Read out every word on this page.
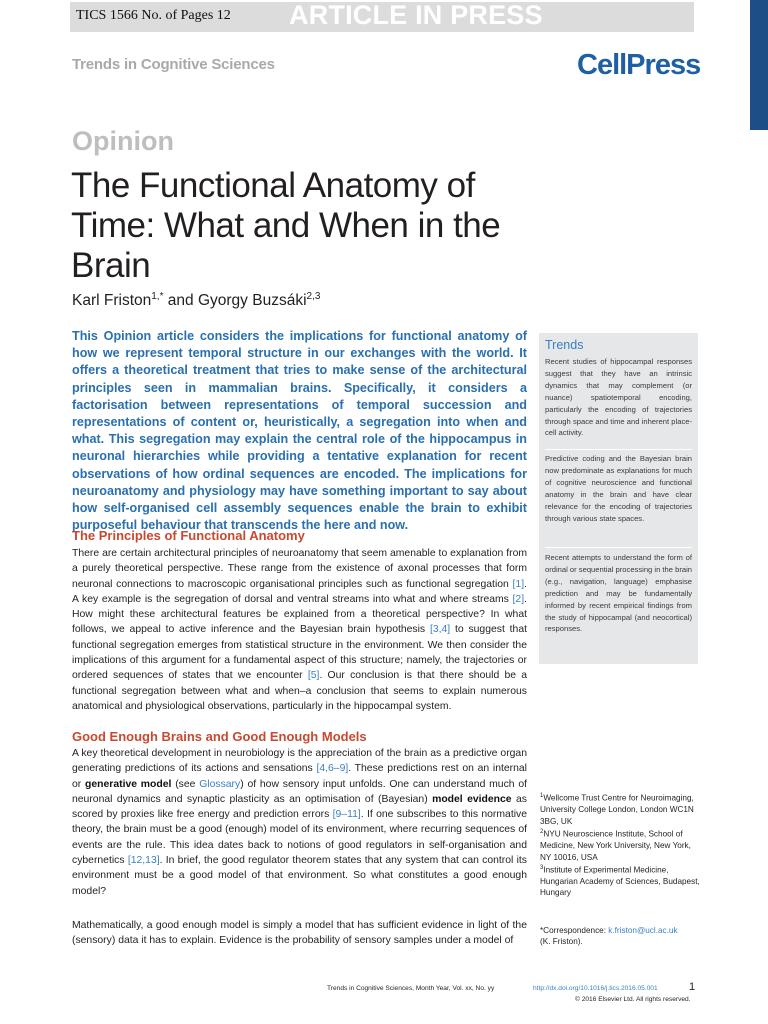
TICS 1566 No. of Pages 12 ARTICLE IN PRESS
Trends in Cognitive Sciences	CellPress
Opinion
The Functional Anatomy of Time: What and When in the Brain
Karl Friston$^{1,*}$ and Gyorgy Buzsáki$^{2,3}$

This Opinion article considers the implications for functional anatomy of how we represent temporal structure in our exchanges with the world. It offers a theoretical treatment that tries to make sense of the architectural principles seen in mammalian brains. Specifically, it considers a factorisation between representations of temporal succession and representations of content or, heuristically, a segregation into when and what. This segregation may explain the central role of the hippocampus in neuronal hierarchies while providing a tentative explanation for recent observations of how ordinal sequences are encoded. The implications for neuroanatomy and physiology may have something important to say about how self-organised cell assembly sequences enable the brain to exhibit purposeful behaviour that transcends the here and now.

The Principles of Functional Anatomy

There are certain architectural principles of neuroanatomy that seem amenable to explanation from a purely theoretical perspective. These range from the existence of axonal processes that form neuronal connections to macroscopic organisational principles such as functional segregation [1]. A key example is the segregation of dorsal and ventral streams into what and where streams [2]. How might these architectural features be explained from a theoretical perspective? In what follows, we appeal to active inference and the Bayesian brain hypothesis [3,4] to suggest that functional segregation emerges from statistical structure in the environment. We then consider the implications of this argument for a fundamental aspect of this structure; namely, the trajectories or ordered sequences of states that we encounter [5]. Our conclusion is that there should be a functional segregation between what and when–a conclusion that seems to explain numerous anatomical and physiological observations, particularly in the hippocampal system.

Good Enough Brains and Good Enough Models

A key theoretical development in neurobiology is the appreciation of the brain as a predictive organ generating predictions of its actions and sensations [4,6–9]. These predictions rest on an internal or generative model (see Glossary) of how sensory input unfolds. One can understand much of neuronal dynamics and synaptic plasticity as an optimisation of (Bayesian) model evidence as scored by proxies like free energy and prediction errors [9–11]. If one subscribes to this normative theory, the brain must be a good (enough) model of its environment, where recurring sequences of events are the rule. This idea dates back to notions of good regulators in self-organisation and cybernetics [12,13]. In brief, the good regulator theorem states that any system that can control its environment must be a good model of that environment. So what constitutes a good enough model?

Mathematically, a good enough model is simply a model that has sufficient evidence in light of the (sensory) data it has to explain. Evidence is the probability of sensory samples under a model of

Trends

Recent studies of hippocampal responses suggest that they have an intrinsic dynamics that may complement (or nuance) spatiotemporal encoding, particularly the encoding of trajectories through space and time and inherent place-cell activity.

Predictive coding and the Bayesian brain now predominate as explanations for much of cognitive neuroscience and functional anatomy in the brain and have clear relevance for the encoding of trajectories through various state spaces.

Recent attempts to understand the form of ordinal or sequential processing in the brain (e.g., navigation, language) emphasise prediction and may be fundamentally informed by recent empirical findings from the study of hippocampal (and neocortical) responses.

$^1$Wellcome Trust Centre for Neuroimaging, University College London, London WC1N 3BG, UK
$^2$NYU Neuroscience Institute, School of Medicine, New York University, New York, NY 10016, USA
$^3$Institute of Experimental Medicine, Hungarian Academy of Sciences, Budapest, Hungary
*Correspondence: k.friston@ucl.ac.uk
(K. Friston).
Trends in Cognitive Sciences, Month Year, Vol. xx, No. yy	http://dx.doi.org/10.1016/j.tics.2016.05.001	1
© 2016 Elsevier Ltd. All rights reserved.
